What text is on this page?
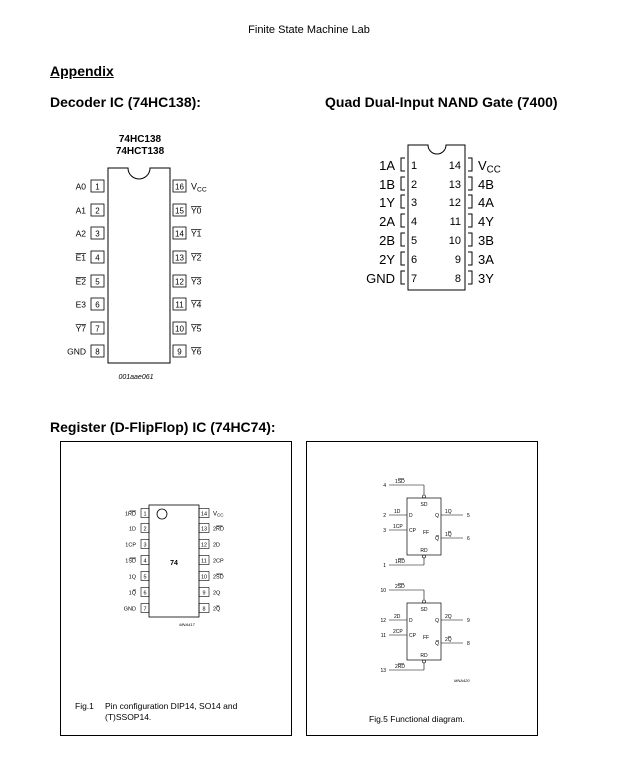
Finite State Machine Lab
Appendix
Decoder IC (74HC138):	Quad Dual-Input NAND Gate (7400)
Register (D-FlipFlop) IC (74HC74):
74HC138
74HCT138
1
A0
2
A1
3
A2
4
E1
5
E2
6
E3
7
Y7
8
GND
16 $V_{CC}$
15 Y0
14 Y1
13 Y2
12 Y3
11 Y4
10 Y5
9 Y6
001aae061
1
1A
2
1B
3
1Y
4
2A
5
2B
6
2Y
7
GND
14 $V_{CC}$
13 4B
12 4A
11 4Y
10 3B
9 3A
8 3Y
74
1
1RD
2
1D
3
1CP
4
1SD
5
1Q
6
1Q
7
GND
14 $V_{CC}$
13 2RD
12 2D
11 2CP
10 2SD
9 2Q
8 2Q
MNA417
Fig.1 Pin configuration DIP14, SO14 and
(T)SSOP14.
4
1SD
SD
2
1D
D
3
1CP
CP FF
Q
Q
1Q
1Q
5
6
RD
1
1RD
10
2SD
SD
12
2D
D
11
2CP
CP FF
Q
Q
2Q
2Q
9
8
RD
13
2RD
MNA420
Fig.5 Functional diagram.
